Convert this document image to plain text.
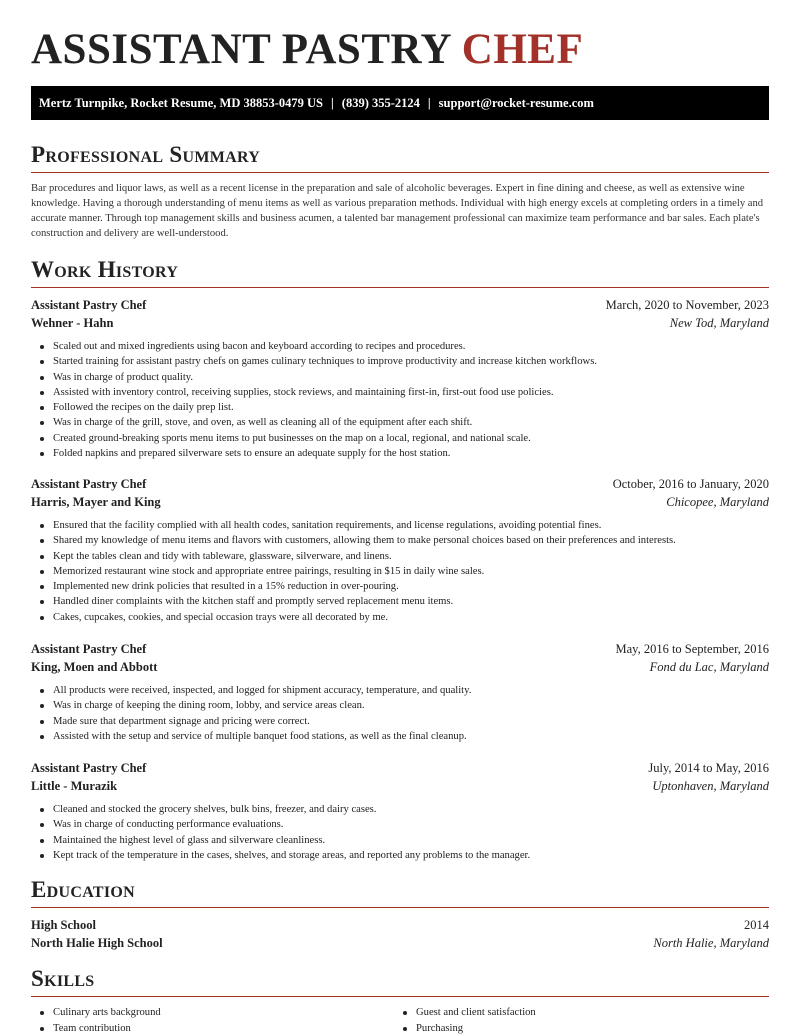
ASSISTANT PASTRY CHEF
Mertz Turnpike, Rocket Resume, MD 38853-0479 US | (839) 355-2124 | support@rocket-resume.com
Professional Summary

Bar procedures and liquor laws, as well as a recent license in the preparation and sale of alcoholic beverages. Expert in fine dining and cheese, as well as extensive wine knowledge. Having a thorough understanding of menu items as well as various preparation methods. Individual with high energy excels at completing orders in a timely and accurate manner. Through top management skills and business acumen, a talented bar management professional can maximize team performance and bar sales. Each plate's construction and delivery are well-understood.

Work History
Assistant Pastry Chef	March, 2020 to November, 2023
Wehner - Hahn	New Tod, Maryland
Scaled out and mixed ingredients using bacon and keyboard according to recipes and procedures.
Started training for assistant pastry chefs on games culinary techniques to improve productivity and increase kitchen workflows.
Was in charge of product quality.
Assisted with inventory control, receiving supplies, stock reviews, and maintaining first-in, first-out food use policies.
Followed the recipes on the daily prep list.
Was in charge of the grill, stove, and oven, as well as cleaning all of the equipment after each shift.
Created ground-breaking sports menu items to put businesses on the map on a local, regional, and national scale.
Folded napkins and prepared silverware sets to ensure an adequate supply for the host station.
Assistant Pastry Chef	October, 2016 to January, 2020
Harris, Mayer and King	Chicopee, Maryland
Ensured that the facility complied with all health codes, sanitation requirements, and license regulations, avoiding potential fines.
Shared my knowledge of menu items and flavors with customers, allowing them to make personal choices based on their preferences and interests.
Kept the tables clean and tidy with tableware, glassware, silverware, and linens.
Memorized restaurant wine stock and appropriate entree pairings, resulting in $15 in daily wine sales.
Implemented new drink policies that resulted in a 15% reduction in over-pouring.
Handled diner complaints with the kitchen staff and promptly served replacement menu items.
Cakes, cupcakes, cookies, and special occasion trays were all decorated by me.
Assistant Pastry Chef	May, 2016 to September, 2016
King, Moen and Abbott	Fond du Lac, Maryland
All products were received, inspected, and logged for shipment accuracy, temperature, and quality.
Was in charge of keeping the dining room, lobby, and service areas clean.
Made sure that department signage and pricing were correct.
Assisted with the setup and service of multiple banquet food stations, as well as the final cleanup.
Assistant Pastry Chef	July, 2014 to May, 2016
Little - Murazik	Uptonhaven, Maryland
Cleaned and stocked the grocery shelves, bulk bins, freezer, and dairy cases.
Was in charge of conducting performance evaluations.
Maintained the highest level of glass and silverware cleanliness.
Kept track of the temperature in the cases, shelves, and storage areas, and reported any problems to the manager.
Education
High School	2014
North Halie High School	North Halie, Maryland
Skills
Culinary arts background
Team contribution
Guest and client satisfaction
Purchasing
